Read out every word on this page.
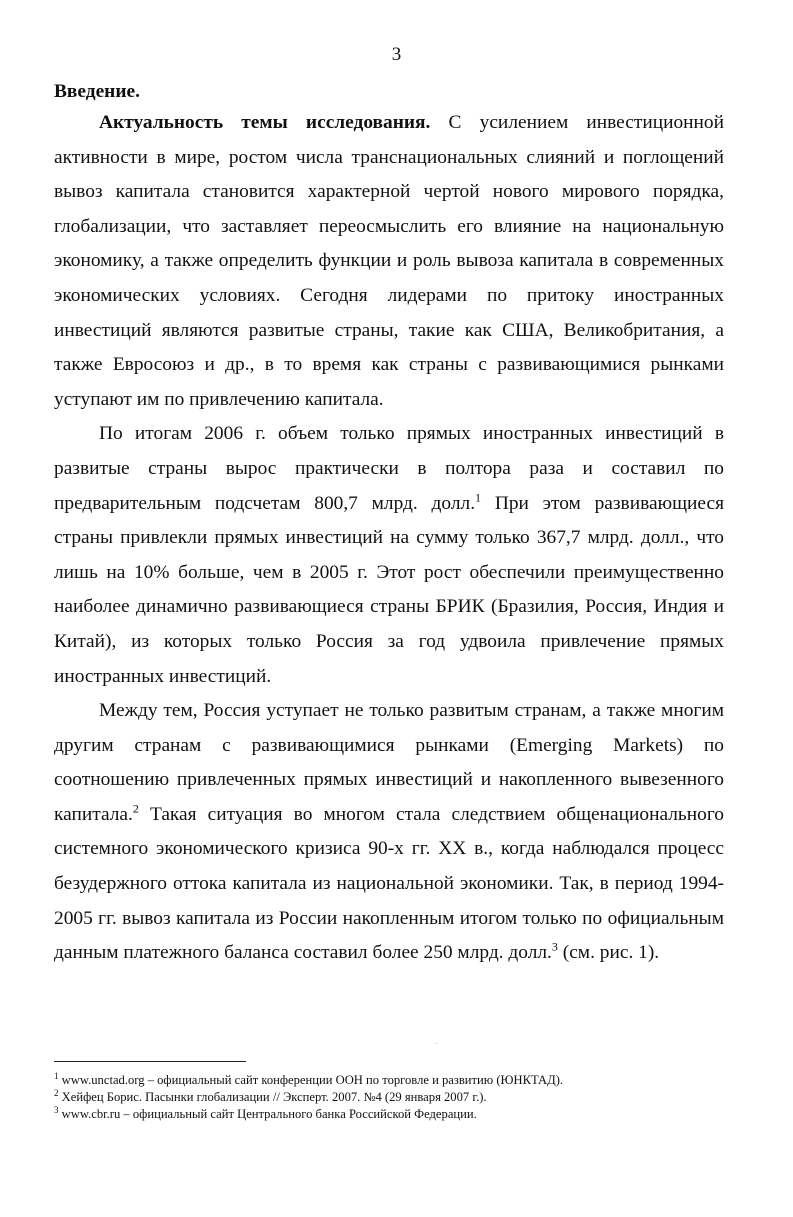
3

Введение.

Актуальность темы исследования. С усилением инвестиционной активности в мире, ростом числа транснациональных слияний и поглощений вывоз капитала становится характерной чертой нового мирового порядка, глобализации, что заставляет переосмыслить его влияние на национальную экономику, а также определить функции и роль вывоза капитала в современных экономических условиях. Сегодня лидерами по притоку иностранных инвестиций являются развитые страны, такие как США, Великобритания, а также Евросоюз и др., в то время как страны с развивающимися рынками уступают им по привлечению капитала.

По итогам 2006 г. объем только прямых иностранных инвестиций в развитые страны вырос практически в полтора раза и составил по предварительным подсчетам 800,7 млрд. долл.$^1$ При этом развивающиеся страны привлекли прямых инвестиций на сумму только 367,7 млрд. долл., что лишь на 10% больше, чем в 2005 г. Этот рост обеспечили преимущественно наиболее динамично развивающиеся страны БРИК (Бразилия, Россия, Индия и Китай), из которых только Россия за год удвоила привлечение прямых иностранных инвестиций.

Между тем, Россия уступает не только развитым странам, а также многим другим странам с развивающимися рынками (Emerging Markets) по соотношению привлеченных прямых инвестиций и накопленного вывезенного капитала.$^2$ Такая ситуация во многом стала следствием общенационального системного экономического кризиса 90-х гг. XX в., когда наблюдался процесс безудержного оттока капитала из национальной экономики. Так, в период 1994-2005 гг. вывоз капитала из России накопленным итогом только по официальным данным платежного баланса составил более 250 млрд. долл.$^3$ (см. рис. 1).

$^1$ www.unctad.org – официальный сайт конференции ООН по торговле и развитию (ЮНКТАД).

$^2$ Хейфец Борис. Пасынки глобализации // Эксперт. 2007. №4 (29 января 2007 г.).

$^3$ www.cbr.ru – официальный сайт Центрального банка Российской Федерации.
